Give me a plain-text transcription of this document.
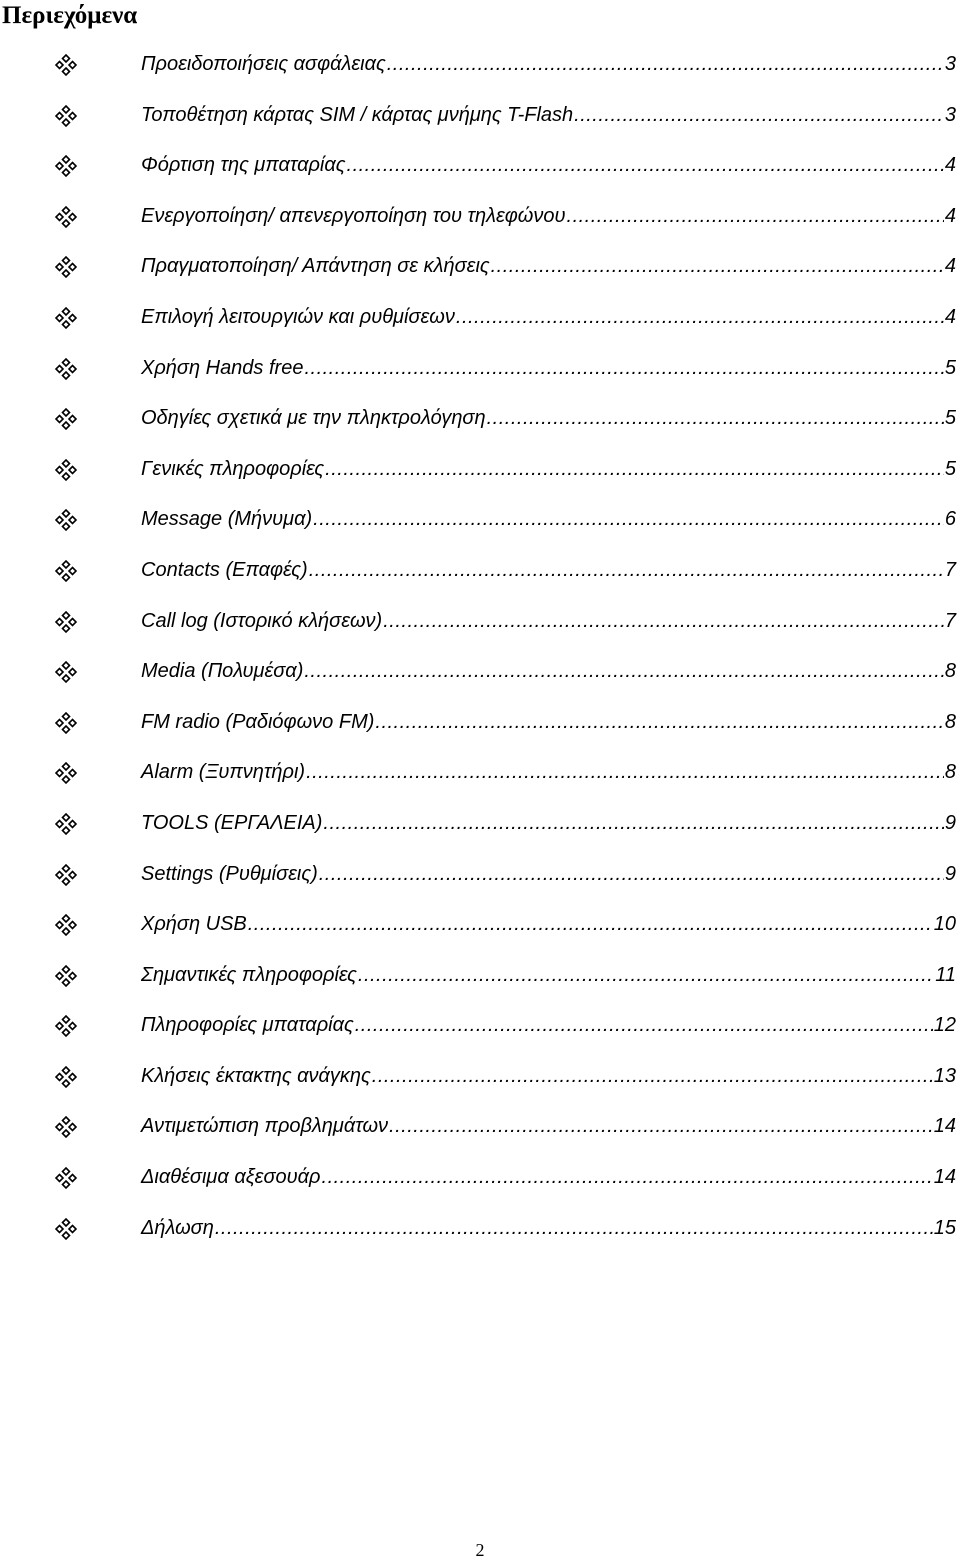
Περιεχόμενα
Προειδοποιήσεις ασφάλειας .....	3
Τοποθέτηση κάρτας SIM / κάρτας μνήμης T-Flash .....	3
Φόρτιση της μπαταρίας .....	4
Ενεργοποίηση/ απενεργοποίηση του τηλεφώνου .....	4
Πραγματοποίηση/ Απάντηση σε κλήσεις .....	4
Επιλογή λειτουργιών και ρυθμίσεων .....	4
Χρήση Hands free .....	5
Οδηγίες σχετικά με την πληκτρολόγηση .....	5
Γενικές πληροφορίες .....	5
Message (Μήνυμα) .....	6
Contacts (Επαφές) .....	7
Call log (Ιστορικό κλήσεων) .....	7
Media (Πολυμέσα) .....	8
FM radio (Ραδιόφωνο FM) .....	8
Alarm (Ξυπνητήρι) .....	8
TOOLS (ΕΡΓΑΛΕΙΑ) .....	9
Settings (Ρυθμίσεις) .....	9
Χρήση USB .....	10
Σημαντικές πληροφορίες .....	11
Πληροφορίες μπαταρίας .....	12
Κλήσεις έκτακτης ανάγκης .....	13
Αντιμετώπιση προβλημάτων .....	14
Διαθέσιμα αξεσουάρ .....	14
Δήλωση .....	15
2
